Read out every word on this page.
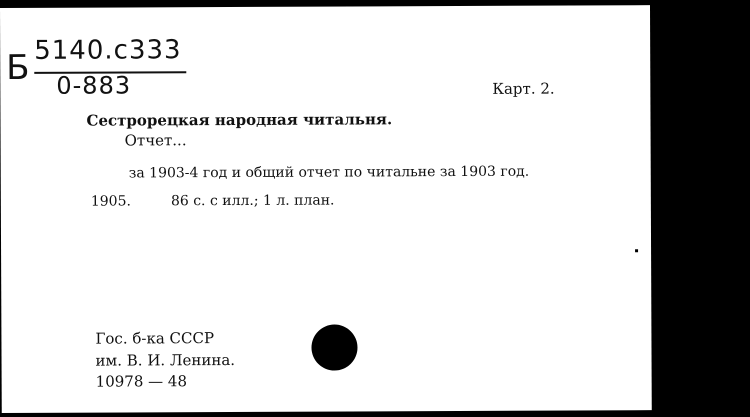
Б 5140.c333
0-883	Карт. 2.
Сестрорецкая народная читальня.
Отчет...
за 1903-4 год и общий отчет по читальне за 1903 год.
1905.	86 с. с илл.; 1 л. план.
Гос. б-ка СССР
им. В. И. Ленина.
10978 — 48
